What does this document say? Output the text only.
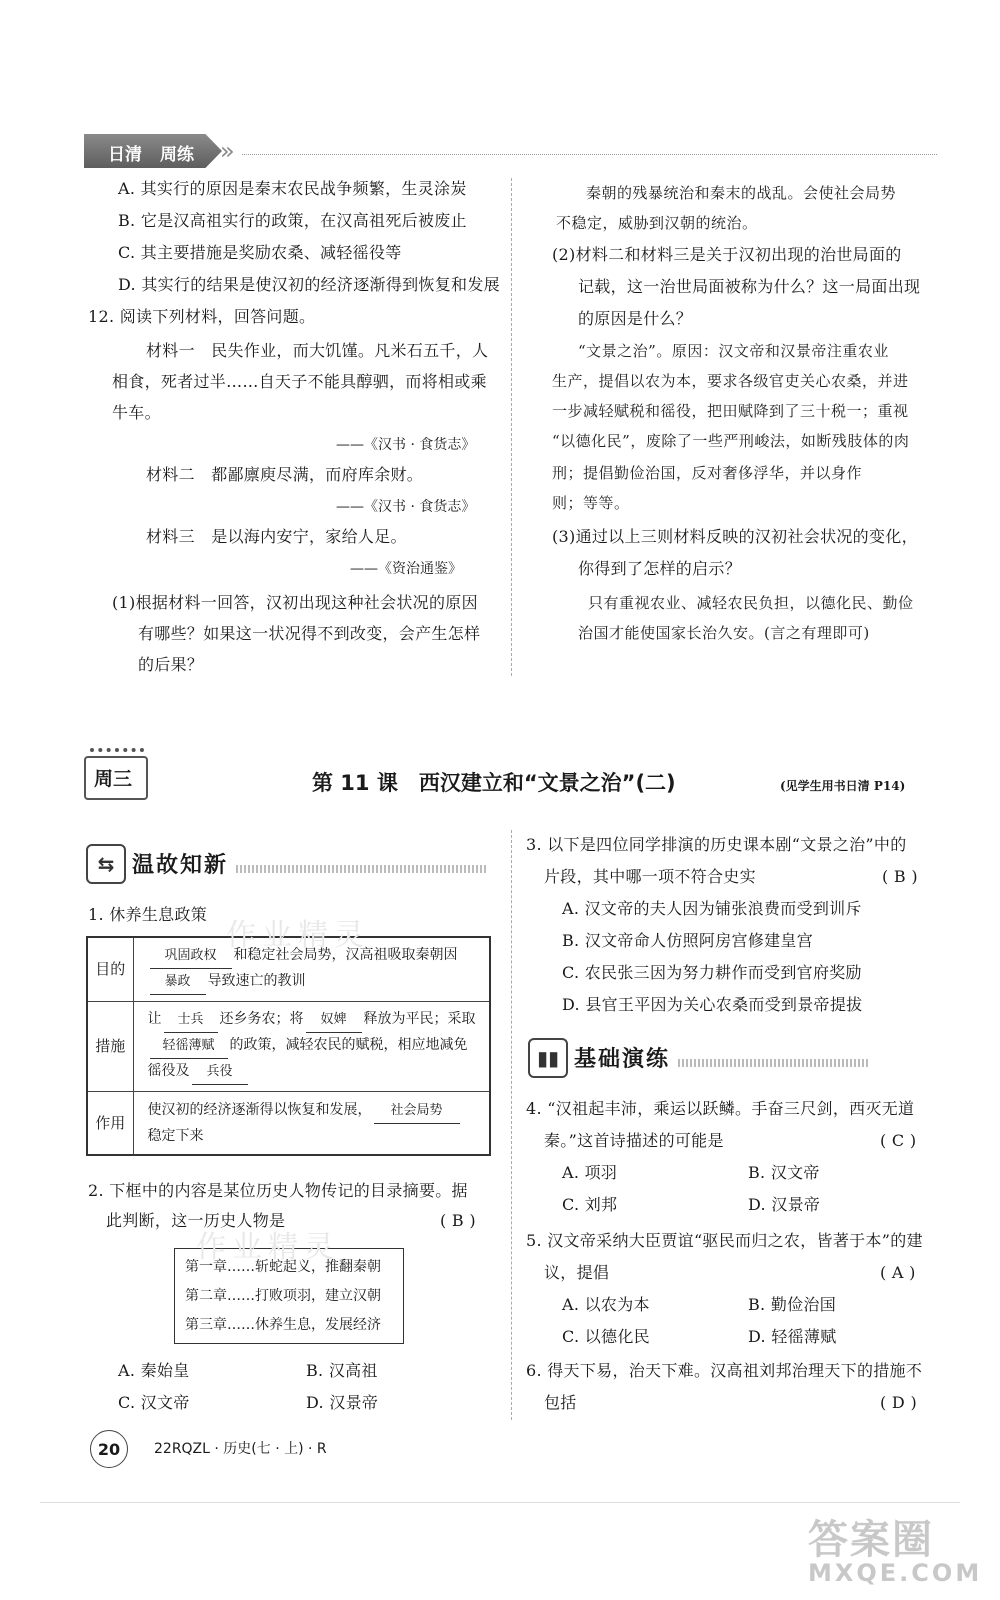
日清 周练 »
A. 其实行的原因是秦末农民战争频繁，生灵涂炭
B. 它是汉高祖实行的政策，在汉高祖死后被废止
C. 其主要措施是奖励农桑、减轻徭役等
D. 其实行的结果是使汉初的经济逐渐得到恢复和发展
12. 阅读下列材料，回答问题。
材料一　民失作业，而大饥馑。凡米石五千，人
相食，死者过半……自天子不能具醇驷，而将相或乘
牛车。
——《汉书 · 食货志》
材料二　都鄙廪庾尽满，而府库余财。
——《汉书 · 食货志》
材料三　是以海内安宁，家给人足。
——《资治通鉴》
(1)根据材料一回答，汉初出现这种社会状况的原因
有哪些？如果这一状况得不到改变，会产生怎样
的后果？
秦朝的残暴统治和秦末的战乱。会使社会局势
不稳定，威胁到汉朝的统治。
(2)材料二和材料三是关于汉初出现的治世局面的
记载，这一治世局面被称为什么？这一局面出现
的原因是什么？
“文景之治”。原因：汉文帝和汉景帝注重农业
生产，提倡以农为本，要求各级官吏关心农桑，并进
一步减轻赋税和徭役，把田赋降到了三十税一；重视
“以德化民”，废除了一些严刑峻法，如断残肢体的肉
刑；提倡勤俭治国，反对奢侈浮华，并以身作
则；等等。
(3)通过以上三则材料反映的汉初社会状况的变化，
你得到了怎样的启示？
只有重视农业、减轻农民负担，以德化民、勤俭
治国才能使国家长治久安。(言之有理即可)
周三	第 11 课　西汉建立和“文景之治”(二)	(见学生用书日清 P14)
⇆ 温故知新
1. 休养生息政策
目的	巩固政权 和稳定社会局势，汉高祖吸取秦朝因
暴政 导致速亡的教训

措施	让 士兵 还乡务农；将 奴婢 释放为平民；采取
轻徭薄赋 的政策，减轻农民的赋税，相应地减免
徭役及 兵役

作用	使汉初的经济逐渐得以恢复和发展， 社会局势
稳定下来
2. 下框中的内容是某位历史人物传记的目录摘要。据
此判断，这一历史人物是	( B )
第一章……斩蛇起义，推翻秦朝
第二章……打败项羽，建立汉朝
第三章……休养生息，发展经济
A. 秦始皇	B. 汉高祖
C. 汉文帝	D. 汉景帝
作业精灵
作业精灵
3. 以下是四位同学排演的历史课本剧“文景之治”中的
片段，其中哪一项不符合史实	( B )
A. 汉文帝的夫人因为铺张浪费而受到训斥
B. 汉文帝命人仿照阿房宫修建皇宫
C. 农民张三因为努力耕作而受到官府奖励
D. 县官王平因为关心农桑而受到景帝提拔
▮▮ 基础演练
4. “汉祖起丰沛，乘运以跃鳞。手奋三尺剑，西灭无道
秦。”这首诗描述的可能是	( C )
A. 项羽	B. 汉文帝
C. 刘邦	D. 汉景帝
5. 汉文帝采纳大臣贾谊“驱民而归之农，皆著于本”的建
议，提倡	( A )
A. 以农为本	B. 勤俭治国
C. 以德化民	D. 轻徭薄赋
6. 得天下易，治天下难。汉高祖刘邦治理天下的措施不
包括	( D )
20	22RQZL · 历史(七 · 上) · R
答案圈
MXQE.COM
